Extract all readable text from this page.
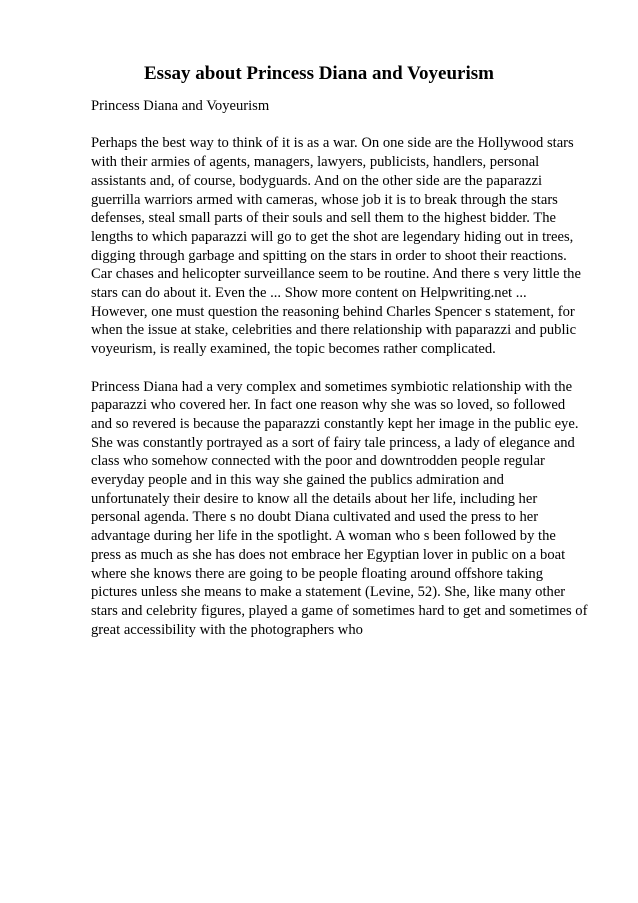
Essay about Princess Diana and Voyeurism

Princess Diana and Voyeurism

Perhaps the best way to think of it is as a war. On one side are the Hollywood stars
with their armies of agents, managers, lawyers, publicists, handlers, personal
assistants and, of course, bodyguards. And on the other side are the paparazzi
guerrilla warriors armed with cameras, whose job it is to break through the stars
defenses, steal small parts of their souls and sell them to the highest bidder. The
lengths to which paparazzi will go to get the shot are legendary hiding out in trees,
digging through garbage and spitting on the stars in order to shoot their reactions.
Car chases and helicopter surveillance seem to be routine. And there s very little the
stars can do about it. Even the ... Show more content on Helpwriting.net ...
However, one must question the reasoning behind Charles Spencer s statement, for
when the issue at stake, celebrities and there relationship with paparazzi and public
voyeurism, is really examined, the topic becomes rather complicated.

Princess Diana had a very complex and sometimes symbiotic relationship with the
paparazzi who covered her. In fact one reason why she was so loved, so followed
and so revered is because the paparazzi constantly kept her image in the public eye.
She was constantly portrayed as a sort of fairy tale princess, a lady of elegance and
class who somehow connected with the poor and downtrodden people regular
everyday people and in this way she gained the publics admiration and
unfortunately their desire to know all the details about her life, including her
personal agenda. There s no doubt Diana cultivated and used the press to her
advantage during her life in the spotlight. A woman who s been followed by the
press as much as she has does not embrace her Egyptian lover in public on a boat
where she knows there are going to be people floating around offshore taking
pictures unless she means to make a statement (Levine, 52). She, like many other
stars and celebrity figures, played a game of sometimes hard to get and sometimes of
great accessibility with the photographers who
